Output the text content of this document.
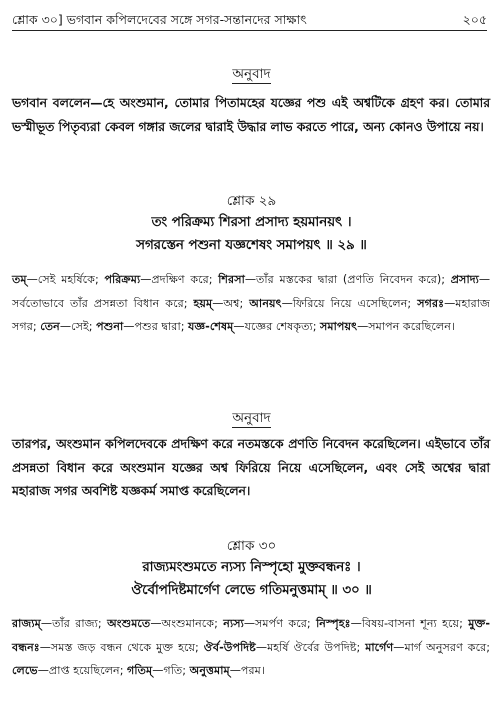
শ্লোক ৩০] ভগবান কপিলদেবের সঙ্গে সগর-সন্তানদের সাক্ষাৎ	২০৫
অনুবাদ
ভগবান বললেন—হে অংশুমান, তোমার পিতামহের যজ্ঞের পশু এই অশ্বটিকে গ্রহণ কর। তোমার ভস্মীভূত পিতৃব্যরা কেবল গঙ্গার জলের দ্বারাই উদ্ধার লাভ করতে পারে, অন্য কোনও উপায়ে নয়।
শ্লোক ২৯
তং পরিক্রম্য শিরসা প্রসাদ্য হয়মানয়ৎ ।
সগরস্তেন পশুনা যজ্ঞশেষং সমাপয়ৎ ॥ ২৯ ॥
তম্—সেই মহর্ষিকে; পরিক্রম্য—প্রদক্ষিণ করে; শিরসা—তাঁর মস্তকের দ্বারা (প্রণতি নিবেদন করে); প্রসাদ্য—সর্বতোভাবে তাঁর প্রসন্নতা বিধান করে; হয়ম্—অশ্ব; আনয়ৎ—ফিরিয়ে নিয়ে এসেছিলেন; সগরঃ—মহারাজ সগর; তেন—সেই; পশুনা—পশুর দ্বারা; যজ্ঞ-শেষম্—যজ্ঞের শেষকৃত্য; সমাপয়ৎ—সমাপন করেছিলেন।
অনুবাদ
তারপর, অংশুমান কপিলদেবকে প্রদক্ষিণ করে নতমস্তকে প্রণতি নিবেদন করেছিলেন। এইভাবে তাঁর প্রসন্নতা বিধান করে অংশুমান যজ্ঞের অশ্ব ফিরিয়ে নিয়ে এসেছিলেন, এবং সেই অশ্বের দ্বারা মহারাজ সগর অবশিষ্ট যজ্ঞকর্ম সমাপ্ত করেছিলেন।
শ্লোক ৩০
রাজ্যমংশুমতে ন্যস্য নিস্পৃহো মুক্তবন্ধনঃ ।
ঔর্বোপদিষ্টমার্গেণ লেভে গতিমনুত্তমাম্ ॥ ৩০ ॥
রাজ্যম্—তাঁর রাজ্য; অংশুমতে—অংশুমানকে; ন্যস্য—সমর্পণ করে; নিস্পৃহঃ—বিষয়-বাসনা শূন্য হয়ে; মুক্ত-বন্ধনঃ—সমস্ত জড় বন্ধন থেকে মুক্ত হয়ে; ঔর্ব-উপদিষ্ট—মহর্ষি ঔর্বের উপদিষ্ট; মার্গেণ—মার্গ অনুসরণ করে; লেভে—প্রাপ্ত হয়েছিলেন; গতিম্—গতি; অনুত্তমাম্—পরম।
